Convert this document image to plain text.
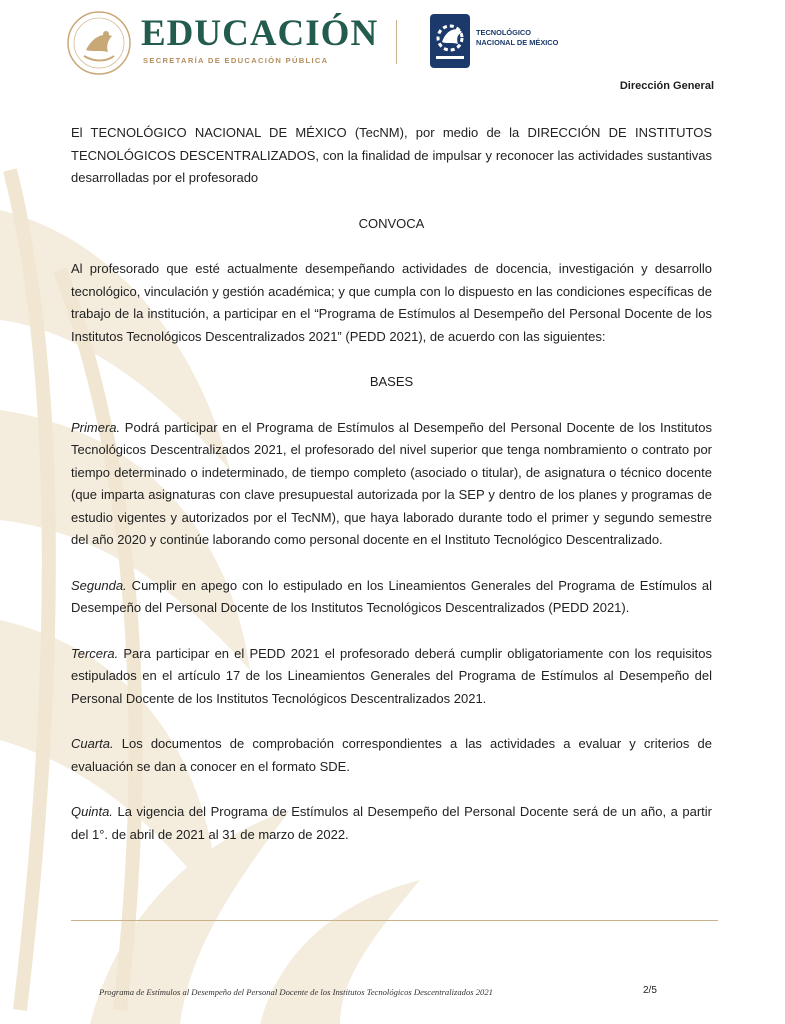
EDUCACIÓN
SECRETARÍA DE EDUCACIÓN PÚBLICA
TECNOLÓGICO
NACIONAL DE MÉXICO
Dirección General

El TECNOLÓGICO NACIONAL DE MÉXICO (TecNM), por medio de la DIRECCIÓN DE INSTITUTOS TECNOLÓGICOS DESCENTRALIZADOS, con la finalidad de impulsar y reconocer las actividades sustantivas desarrolladas por el profesorado

CONVOCA

Al profesorado que esté actualmente desempeñando actividades de docencia, investigación y desarrollo tecnológico, vinculación y gestión académica; y que cumpla con lo dispuesto en las condiciones específicas de trabajo de la institución, a participar en el “Programa de Estímulos al Desempeño del Personal Docente de los Institutos Tecnológicos Descentralizados 2021” (PEDD 2021), de acuerdo con las siguientes:

BASES

Primera. Podrá participar en el Programa de Estímulos al Desempeño del Personal Docente de los Institutos Tecnológicos Descentralizados 2021, el profesorado del nivel superior que tenga nombramiento o contrato por tiempo determinado o indeterminado, de tiempo completo (asociado o titular), de asignatura o técnico docente (que imparta asignaturas con clave presupuestal autorizada por la SEP y dentro de los planes y programas de estudio vigentes y autorizados por el TecNM), que haya laborado durante todo el primer y segundo semestre del año 2020 y continúe laborando como personal docente en el Instituto Tecnológico Descentralizado.

Segunda. Cumplir en apego con lo estipulado en los Lineamientos Generales del Programa de Estímulos al Desempeño del Personal Docente de los Institutos Tecnológicos Descentralizados (PEDD 2021).

Tercera. Para participar en el PEDD 2021 el profesorado deberá cumplir obligatoriamente con los requisitos estipulados en el artículo 17 de los Lineamientos Generales del Programa de Estímulos al Desempeño del Personal Docente de los Institutos Tecnológicos Descentralizados 2021.

Cuarta. Los documentos de comprobación correspondientes a las actividades a evaluar y criterios de evaluación se dan a conocer en el formato SDE.

Quinta. La vigencia del Programa de Estímulos al Desempeño del Personal Docente será de un año, a partir del 1°. de abril de 2021 al 31 de marzo de 2022.

Programa de Estímulos al Desempeño del Personal Docente de los Institutos Tecnológicos Descentralizados 2021	2/5
